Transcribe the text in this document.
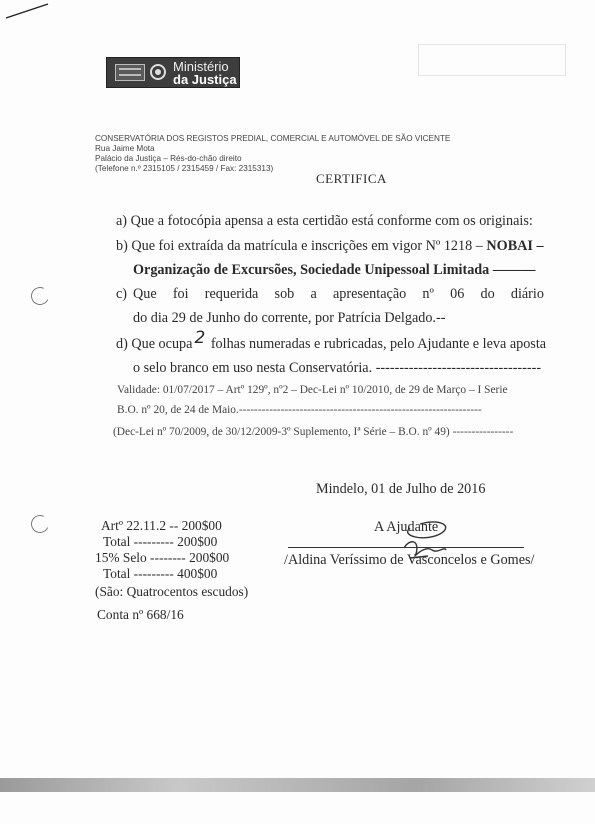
Ministério
da Justiça
CONSERVATÓRIA DOS REGISTOS PREDIAL, COMERCIAL E AUTOMÓVEL DE SÃO VICENTE
Rua Jaime Mota
Palácio da Justiça – Rés-do-chão direito
(Telefone n.º 2315105 / 2315459 / Fax: 2315313)
CERTIFICA
a) Que a fotocópia apensa a esta certidão está conforme com os originais:
b) Que foi extraída da matrícula e inscrições em vigor Nº 1218 – NOBAI –
Organização de Excursões, Sociedade Unipessoal Limitada ———
c) Que foi requerida sob a apresentação nº 06 do diário
do dia 29 de Junho do corrente, por Patrícia Delgado.--
d) Que ocupa 2 folhas numeradas e rubricadas, pelo Ajudante e leva aposta
o selo branco em uso nesta Conservatória. -----------------------------------
Validade: 01/07/2017 – Artº 129º, nº2 – Dec-Lei nº 10/2010, de 29 de Março – I Serie
B.O. nº 20, de 24 de Maio.----------------------------------------------------------------
(Dec-Lei nº 70/2009, de 30/12/2009-3º Suplemento, Iª Série – B.O. nº 49) ----------------
Mindelo, 01 de Julho de 2016
Artº 22.11.2 -- 200$00
Total --------- 200$00
15% Selo -------- 200$00
Total --------- 400$00
(São: Quatrocentos escudos)
Conta nº 668/16
A Ajudante
/Aldina Veríssimo de Vasconcelos e Gomes/
